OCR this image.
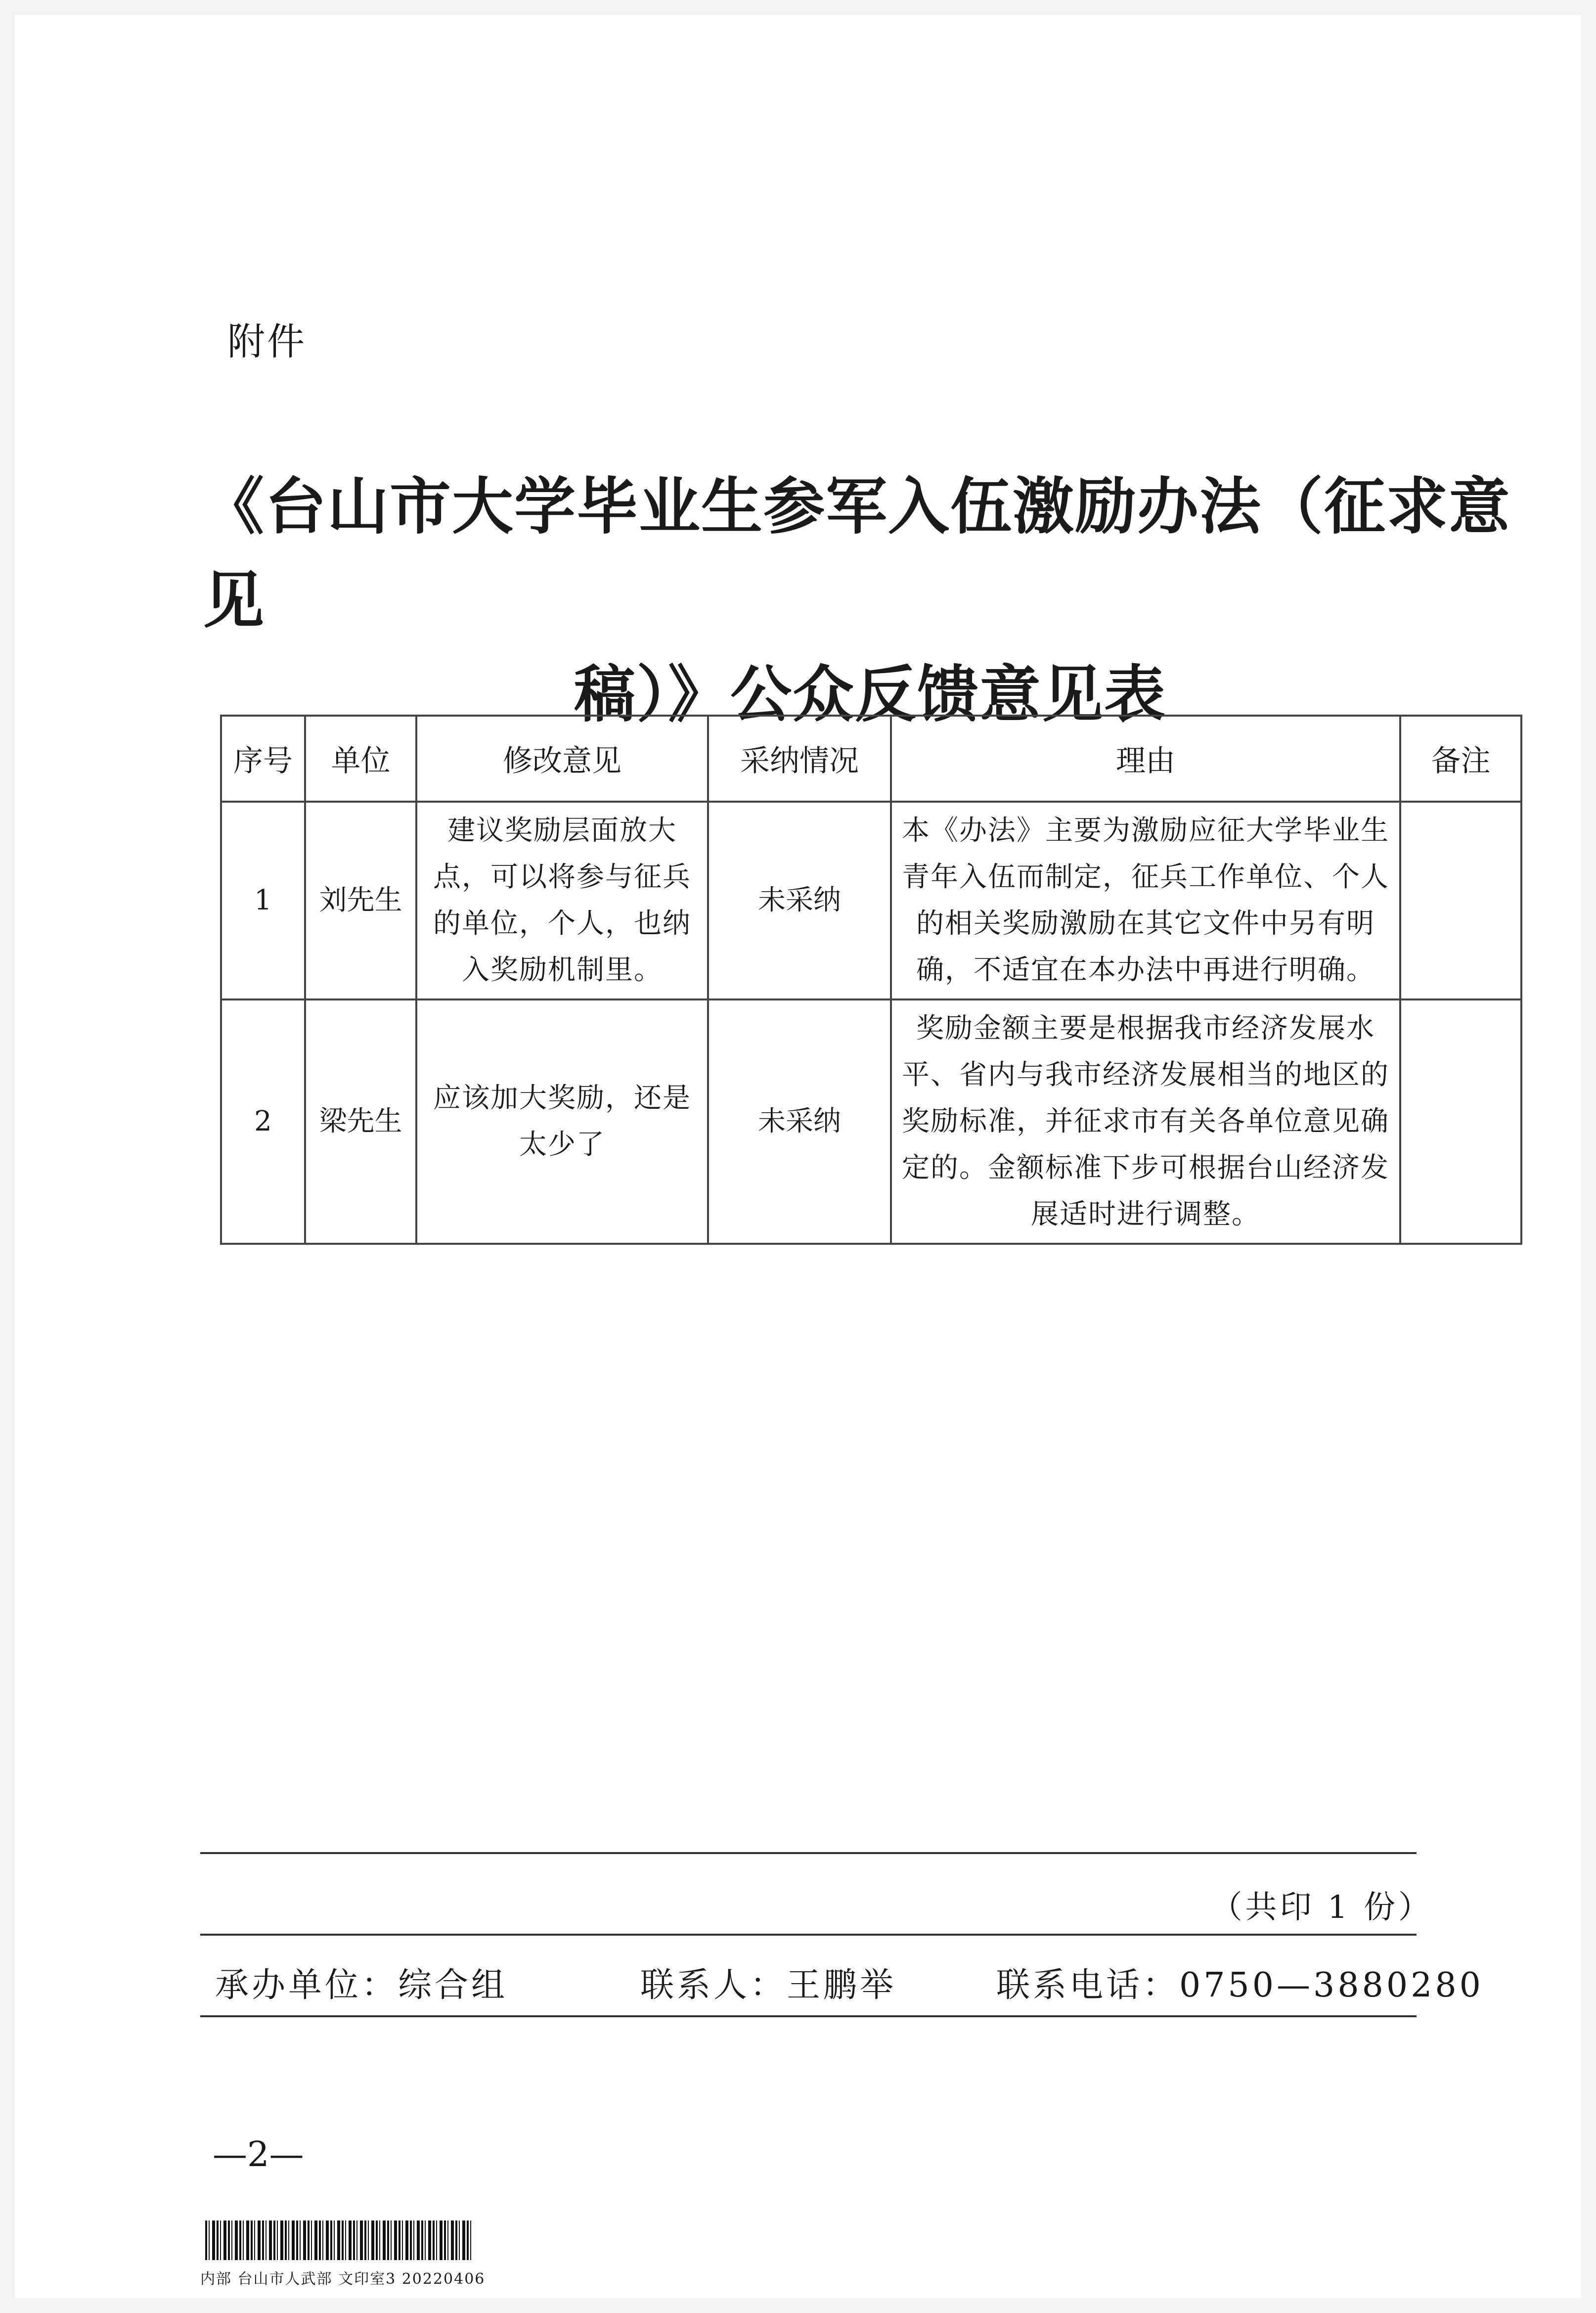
附件
《台山市大学毕业生参军入伍激励办法（征求意见
稿）》公众反馈意见表
序号	单位	修改意见	采纳情况	理由	备注
1	刘先生	建议奖励层面放大点，可以将参与征兵的单位，个人，也纳入奖励机制里。	未采纳	本《办法》主要为激励应征大学毕业生青年入伍而制定，征兵工作单位、个人的相关奖励激励在其它文件中另有明确，不适宜在本办法中再进行明确。	
2	梁先生	应该加大奖励，还是太少了	未采纳	奖励金额主要是根据我市经济发展水平、省内与我市经济发展相当的地区的奖励标准，并征求市有关各单位意见确定的。金额标准下步可根据台山经济发展适时进行调整。	
（共印 1 份）
承办单位：综合组	联系人：王鹏举	联系电话：0750—3880280
—2—
内部 台山市人武部 文印室3 20220406
